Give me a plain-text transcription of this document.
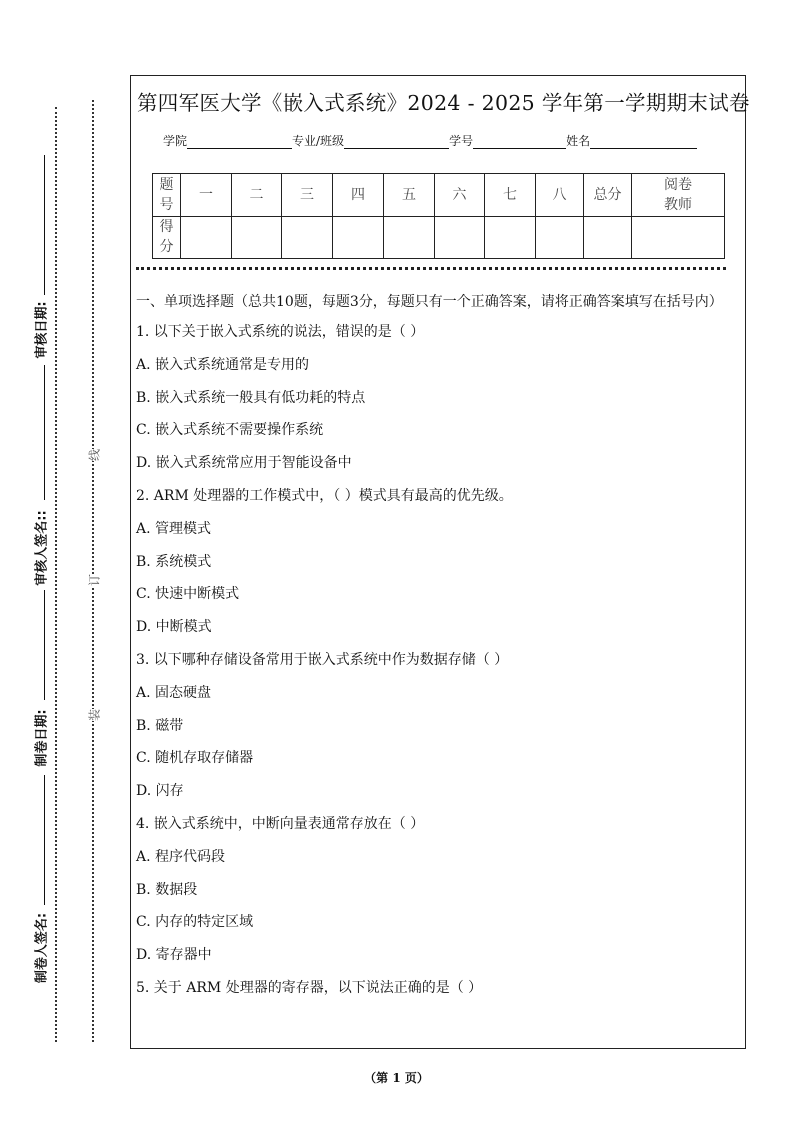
审核日期:
审核人签名::
制卷日期:
制卷人签名:
线
订
装
第四军医大学《嵌入式系统》2024 - 2025 学年第一学期期末试卷
学院	专业/班级	学号	姓名
题号	一	二	三	四	五	六	七	八	总分	阅卷教师
得分										
一、单项选择题（总共10题，每题3分，每题只有一个正确答案，请将正确答案填写在括号内）
1. 以下关于嵌入式系统的说法，错误的是（ ）
A. 嵌入式系统通常是专用的
B. 嵌入式系统一般具有低功耗的特点
C. 嵌入式系统不需要操作系统
D. 嵌入式系统常应用于智能设备中
2. ARM 处理器的工作模式中，（ ）模式具有最高的优先级。
A. 管理模式
B. 系统模式
C. 快速中断模式
D. 中断模式
3. 以下哪种存储设备常用于嵌入式系统中作为数据存储（ ）
A. 固态硬盘
B. 磁带
C. 随机存取存储器
D. 闪存
4. 嵌入式系统中，中断向量表通常存放在（ ）
A. 程序代码段
B. 数据段
C. 内存的特定区域
D. 寄存器中
5. 关于 ARM 处理器的寄存器，以下说法正确的是（ ）
（第 1 页）
